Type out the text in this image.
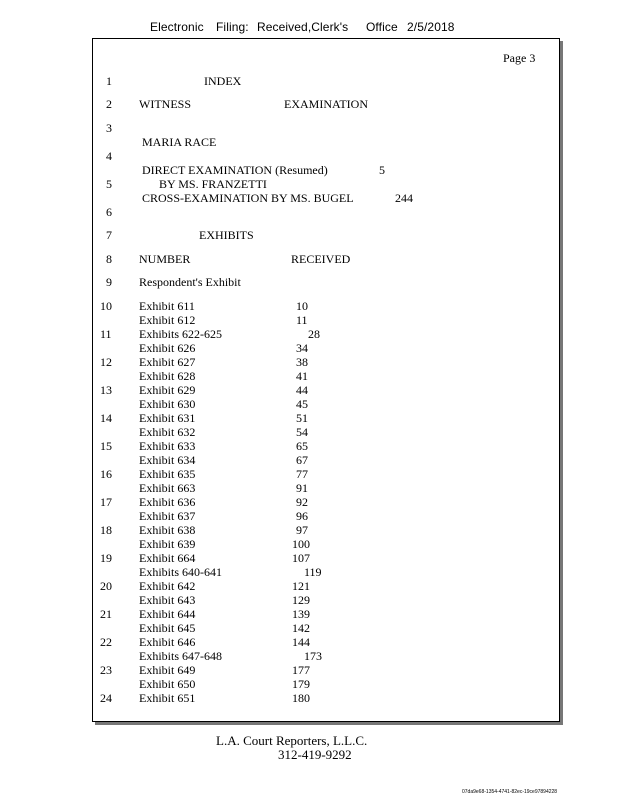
Electronic Filing: Received,Clerk's Office 2/5/2018
Page 3
1
2
3
4
5
6
7
8
9
10
11
12
13
14
15
16
17
18
19
20
21
22
23
24
INDEX
WITNESS	EXAMINATION
MARIA RACE
DIRECT EXAMINATION (Resumed)	5
BY MS. FRANZETTI
CROSS-EXAMINATION BY MS. BUGEL	244
EXHIBITS
NUMBER	RECEIVED
Respondent's Exhibit
Exhibit 611	10
Exhibit 612	11
Exhibits 622-625	28
Exhibit 626	34
Exhibit 627	38
Exhibit 628	41
Exhibit 629	44
Exhibit 630	45
Exhibit 631	51
Exhibit 632	54
Exhibit 633	65
Exhibit 634	67
Exhibit 635	77
Exhibit 663	91
Exhibit 636	92
Exhibit 637	96
Exhibit 638	97
Exhibit 639	100
Exhibit 664	107
Exhibits 640-641	119
Exhibit 642	121
Exhibit 643	129
Exhibit 644	139
Exhibit 645	142
Exhibit 646	144
Exhibits 647-648	173
Exhibit 649	177
Exhibit 650	179
Exhibit 651	180
L.A. Court Reporters, L.L.C.
312-419-9292
07da9e68-1354-4741-82ec-19ce97894228
